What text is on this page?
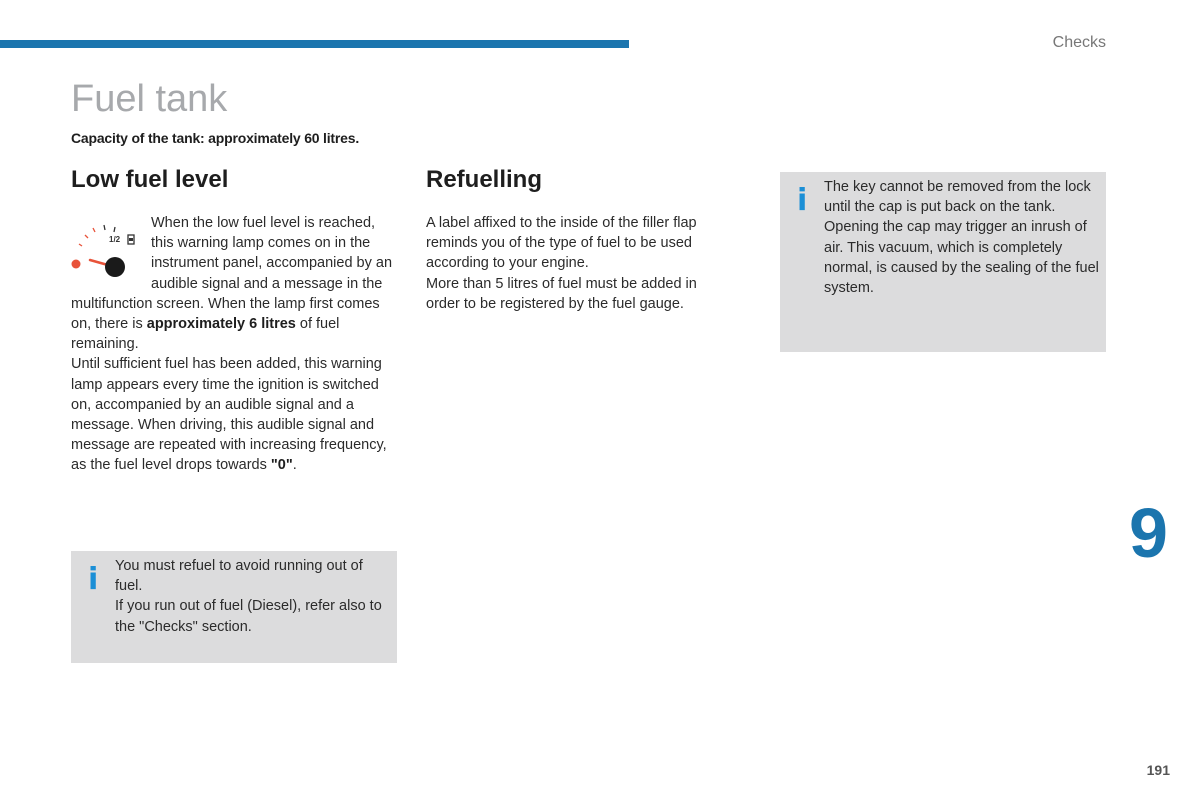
Checks
Fuel tank
Capacity of the tank: approximately 60 litres.
Low fuel level	Refuelling
1/2

When the low fuel level is reached, this warning lamp comes on in the instrument panel, accompanied by an audible signal and a message in the multifunction screen. When the lamp first comes on, there is approximately 6 litres of fuel remaining.

Until sufficient fuel has been added, this warning lamp appears every time the ignition is switched on, accompanied by an audible signal and a message. When driving, this audible signal and message are repeated with increasing frequency, as the fuel level drops towards "0".

A label affixed to the inside of the filler flap reminds you of the type of fuel to be used according to your engine.

More than 5 litres of fuel must be added in order to be registered by the fuel gauge.

i You must refuel to avoid running out of fuel.

If you run out of fuel (Diesel), refer also to the "Checks" section.

i The key cannot be removed from the lock until the cap is put back on the tank.

Opening the cap may trigger an inrush of air. This vacuum, which is completely normal, is caused by the sealing of the fuel system.

9
191
